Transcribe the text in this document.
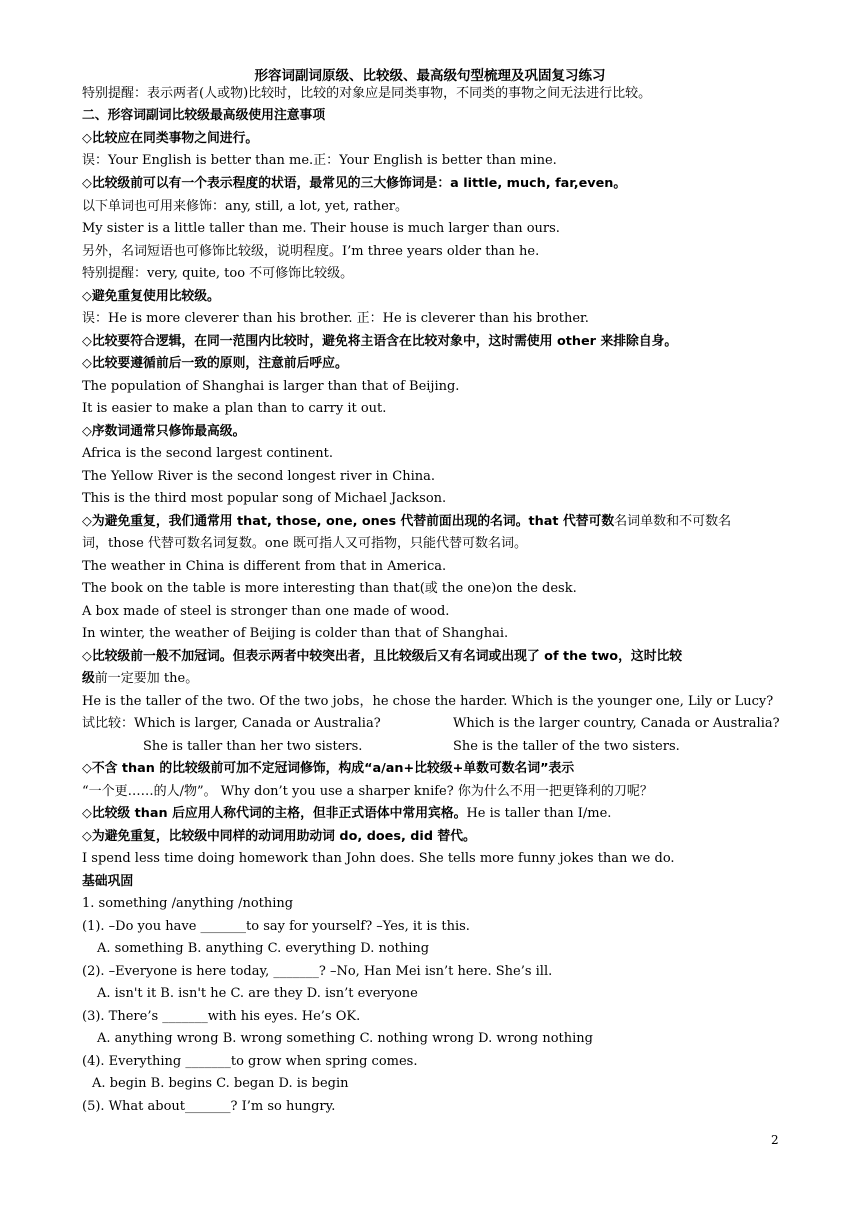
形容词副词原级、比较级、最高级句型梳理及巩固复习练习
特别提醒：表示两者(人或物)比较时，比较的对象应是同类事物，不同类的事物之间无法进行比较。
二、形容词副词比较级最高级使用注意事项
◇比较应在同类事物之间进行。
误：Your English is better than me.正：Your English is better than mine.
◇比较级前可以有一个表示程度的状语，最常见的三大修饰词是：a little, much, far,even。
以下单词也可用来修饰：any, still, a lot, yet, rather。
My sister is a little taller than me. Their house is much larger than ours.
另外，名词短语也可修饰比较级，说明程度。I’m three years older than he.
特别提醒：very, quite, too 不可修饰比较级。
◇避免重复使用比较级。
误：He is more cleverer than his brother. 正：He is cleverer than his brother.
◇比较要符合逻辑，在同一范围内比较时，避免将主语含在比较对象中，这时需使用 other 来排除自身。
◇比较要遵循前后一致的原则，注意前后呼应。
The population of Shanghai is larger than that of Beijing.
It is easier to make a plan than to carry it out.
◇序数词通常只修饰最高级。
Africa is the second largest continent.
The Yellow River is the second longest river in China.
This is the third most popular song of Michael Jackson.
◇为避免重复，我们通常用 that, those, one, ones 代替前面出现的名词。that 代替可数名词单数和不可数名
词，those 代替可数名词复数。one 既可指人又可指物，只能代替可数名词。
The weather in China is different from that in America.
The book on the table is more interesting than that(或 the one)on the desk.
A box made of steel is stronger than one made of wood.
In winter, the weather of Beijing is colder than that of Shanghai.
◇比较级前一般不加冠词。但表示两者中较突出者，且比较级后又有名词或出现了 of the two，这时比较
级前一定要加 the。
He is the taller of the two. Of the two jobs，he chose the harder. Which is the younger one, Lily or Lucy?
试比较：Which is larger, Canada or Australia?	Which is the larger country, Canada or Australia?
She is taller than her two sisters.	She is the taller of the two sisters.
◇不含 than 的比较级前可加不定冠词修饰，构成“a/an+比较级+单数可数名词”表示
“一个更……的人/物”。 Why don’t you use a sharper knife? 你为什么不用一把更锋利的刀呢？
◇比较级 than 后应用人称代词的主格，但非正式语体中常用宾格。He is taller than I/me.
◇为避免重复，比较级中同样的动词用助动词 do, does, did 替代。
I spend less time doing homework than John does. She tells more funny jokes than we do.
基础巩固
1. something /anything /nothing
(1). –Do you have _______to say for yourself? –Yes, it is this.
A. something B. anything C. everything D. nothing
(2). –Everyone is here today, _______? –No, Han Mei isn’t here. She’s ill.
A. isn't it B. isn't he C. are they D. isn’t everyone
(3). There’s _______with his eyes. He’s OK.
A. anything wrong B. wrong something C. nothing wrong D. wrong nothing
(4). Everything _______to grow when spring comes.
A. begin B. begins C. began D. is begin
(5). What about_______? I’m so hungry.
2
